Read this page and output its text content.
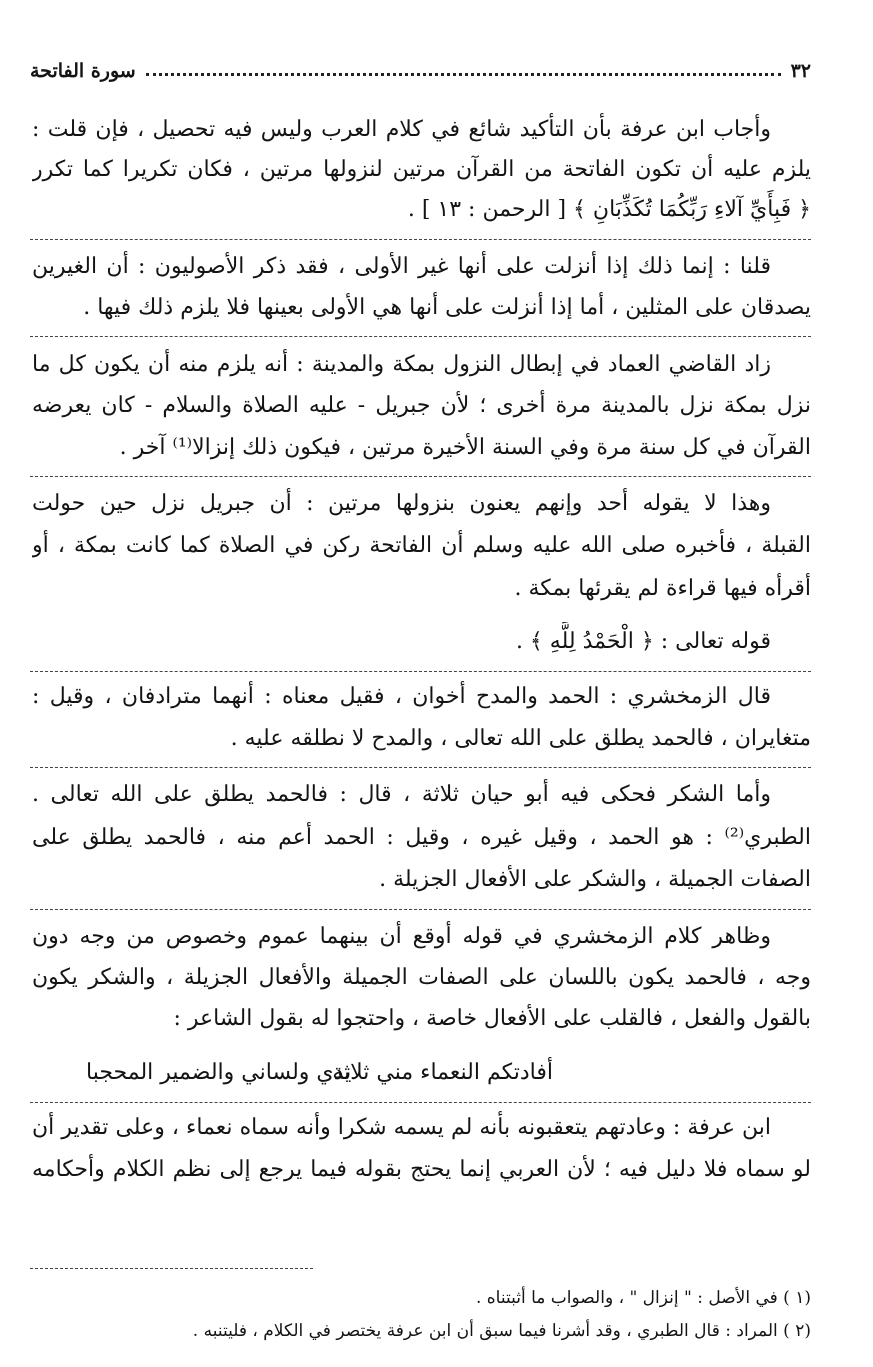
٣٢
سورة الفاتحة
وأجاب ابن عرفة بأن التأكيد شائع في كلام العرب وليس فيه تحصيل ، فإن قلت :
يلزم عليه أن تكون الفاتحة من القرآن مرتين لنزولها مرتين ، فكان تكريرا كما تكرر
﴿ فَبِأَيِّ آلاءِ رَبِّكُمَا تُكَذِّبَانِ ﴾ [ الرحمن : ١٣ ] .
قلنا : إنما ذلك إذا أنزلت على أنها غير الأولى ، فقد ذكر الأصوليون : أن الغيرين
يصدقان على المثلين ، أما إذا أنزلت على أنها هي الأولى بعينها فلا يلزم ذلك فيها .
زاد القاضي العماد في إبطال النزول بمكة والمدينة : أنه يلزم منه أن يكون كل ما
نزل بمكة نزل بالمدينة مرة أخرى ؛ لأن جبريل - عليه الصلاة والسلام - كان يعرضه
القرآن في كل سنة مرة وفي السنة الأخيرة مرتين ، فيكون ذلك إنزالا⁽¹⁾ آخر .
وهذا لا يقوله أحد وإنهم يعنون بنزولها مرتين : أن جبريل نزل حين حولت
القبلة ، فأخبره صلى الله عليه وسلم أن الفاتحة ركن في الصلاة كما كانت بمكة ، أو
أقرأه فيها قراءة لم يقرئها بمكة .
قوله تعالى : ﴿ الْحَمْدُ لِلَّهِ ﴾ .
قال الزمخشري : الحمد والمدح أخوان ، فقيل معناه : أنهما مترادفان ، وقيل :
متغايران ، فالحمد يطلق على الله تعالى ، والمدح لا نطلقه عليه .
وأما الشكر فحكى فيه أبو حيان ثلاثة ، قال : فالحمد يطلق على الله تعالى .
الطبري⁽²⁾ : هو الحمد ، وقيل غيره ، وقيل : الحمد أعم منه ، فالحمد يطلق على
الصفات الجميلة ، والشكر على الأفعال الجزيلة .
وظاهر كلام الزمخشري في قوله أوقع أن بينهما عموم وخصوص من وجه دون
وجه ، فالحمد يكون باللسان على الصفات الجميلة والأفعال الجزيلة ، والشكر يكون
بالقول والفعل ، فالقلب على الأفعال خاصة ، واحتجوا له بقول الشاعر :
أفادتكم النعماء مني ثلاثة
يدي ولساني والضمير المحجبا
ابن عرفة : وعادتهم يتعقبونه بأنه لم يسمه شكرا وأنه سماه نعماء ، وعلى تقدير أن
لو سماه فلا دليل فيه ؛ لأن العربي إنما يحتج بقوله فيما يرجع إلى نظم الكلام وأحكامه
(١ ) في الأصل : " إنزال " ، والصواب ما أثبتناه .
(٢ ) المراد : قال الطبري ، وقد أشرنا فيما سبق أن ابن عرفة يختصر في الكلام ، فليتنبه .
